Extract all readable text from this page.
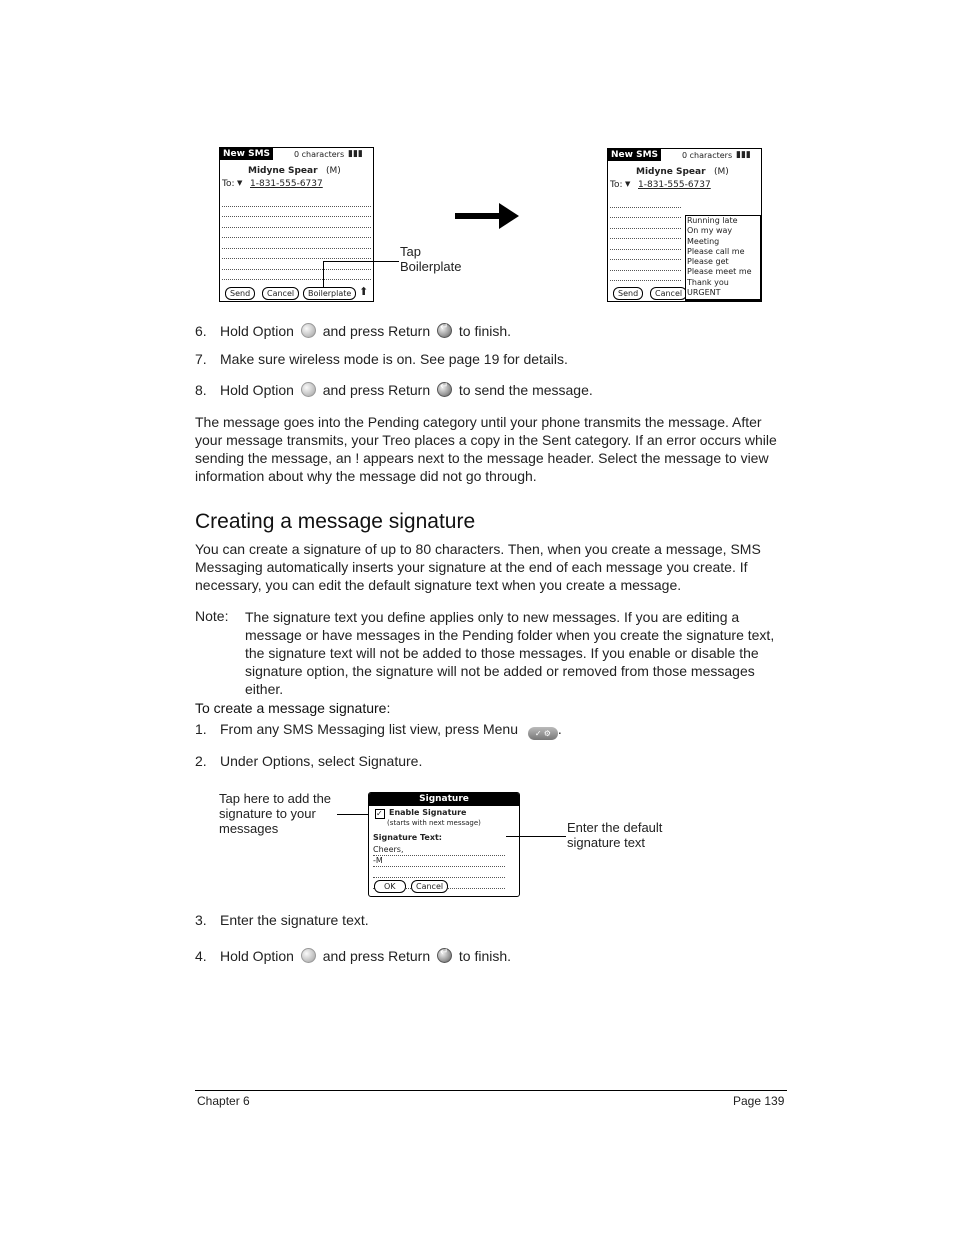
New SMS	0 characters ▮▮▮
Midyne Spear (M)
To: ▼ 1-831-555-6737
Send	Cancel	Boilerplate ⬆
Tap
Boilerplate
New SMS	0 characters ▮▮▮
Midyne Spear (M)
To: ▼ 1-831-555-6737
Send	Cancel
Running late
On my way
Meeting
Please call me
Please get
Please meet me
Thank you
URGENT
6. Hold Option and press Return ↵ to finish.
7. Make sure wireless mode is on. See page 19 for details.
8. Hold Option and press Return ↵ to send the message.

The message goes into the Pending category until your phone transmits the message. After your message transmits, your Treo places a copy in the Sent category. If an error occurs while sending the message, an ! appears next to the message header. Select the message to view information about why the message did not go through.

Creating a message signature

You can create a signature of up to 80 characters. Then, when you create a message, SMS Messaging automatically inserts your signature at the end of each message you create. If necessary, you can edit the default signature text when you create a message.

Note: The signature text you define applies only to new messages. If you are editing a message or have messages in the Pending folder when you create the signature text, the signature text will not be added to those messages. If you enable or disable the signature option, the signature will not be added or removed from those messages either.

To create a message signature:
1. From any SMS Messaging list view, press Menu ✓ ⚙ .
2. Under Options, select Signature.
Tap here to add the
signature to your
messages
Signature
✓ Enable Signature
(starts with next message)
Signature Text:
Cheers,
-M
OK	Cancel
Enter the default
signature text
3. Enter the signature text.
4. Hold Option and press Return ↵ to finish.
Chapter 6	Page 139
